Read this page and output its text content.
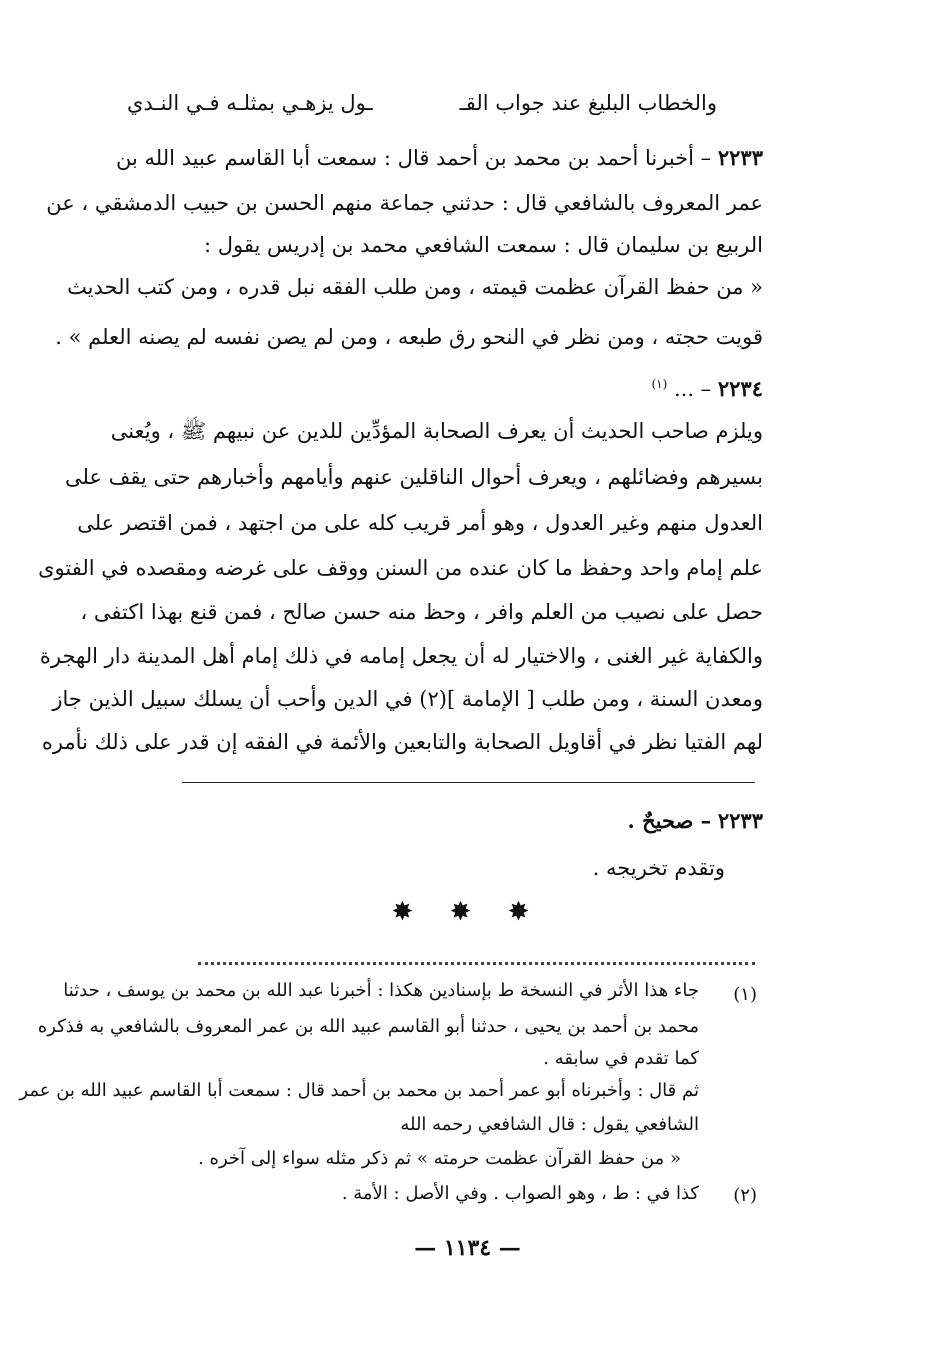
والخطاب البليغ عند جواب القـ
ـول يزهـي بمثلـه فـي النـدي
٢٢٣٣ – أخبرنا أحمد بن محمد بن أحمد قال : سمعت أبا القاسم عبيد الله بن
عمر المعروف بالشافعي قال : حدثني جماعة منهم الحسن بن حبيب الدمشقي ، عن
الربيع بن سليمان قال : سمعت الشافعي محمد بن إدريس يقول :
« من حفظ القرآن عظمت قيمته ، ومن طلب الفقه نبل قدره ، ومن كتب الحديث
قويت حجته ، ومن نظر في النحو رق طبعه ، ومن لم يصن نفسه لم يصنه العلم » .
٢٢٣٤ – ... $^{(١)}$
ويلزم صاحب الحديث أن يعرف الصحابة المؤدِّين للدين عن نبيهم ﷺ ، ويُعنى
بسيرهم وفضائلهم ، ويعرف أحوال الناقلين عنهم وأيامهم وأخبارهم حتى يقف على
العدول منهم وغير العدول ، وهو أمر قريب كله على من اجتهد ، فمن اقتصر على
علم إمام واحد وحفظ ما كان عنده من السنن ووقف على غرضه ومقصده في الفتوى
حصل على نصيب من العلم وافر ، وحظ منه حسن صالح ، فمن قنع بهذا اكتفى ،
والكفاية غير الغنى ، والاختيار له أن يجعل إمامه في ذلك إمام أهل المدينة دار الهجرة
ومعدن السنة ، ومن طلب [ الإمامة ](٢) في الدين وأحب أن يسلك سبيل الذين جاز
لهم الفتيا نظر في أقاويل الصحابة والتابعين والأئمة في الفقه إن قدر على ذلك نأمره
٢٢٣٣ – صحيحٌ .
وتقدم تخريجه .
✸ ✸ ✸
(١)
جاء هذا الأثر في النسخة ط بإسنادين هكذا : أخبرنا عبد الله بن محمد بن يوسف ، حدثنا
محمد بن أحمد بن يحيى ، حدثنا أبو القاسم عبيد الله بن عمر المعروف بالشافعي به فذكره
كما تقدم في سابقه .
ثم قال : وأخبرناه أبو عمر أحمد بن محمد بن أحمد قال : سمعت أبا القاسم عبيد الله بن عمر
الشافعي يقول : قال الشافعي رحمه الله
« من حفظ القرآن عظمت حرمته » ثم ذكر مثله سواء إلى آخره .
(٢)
كذا في : ط ، وهو الصواب . وفي الأصل : الأمة .
— ١١٣٤ —
